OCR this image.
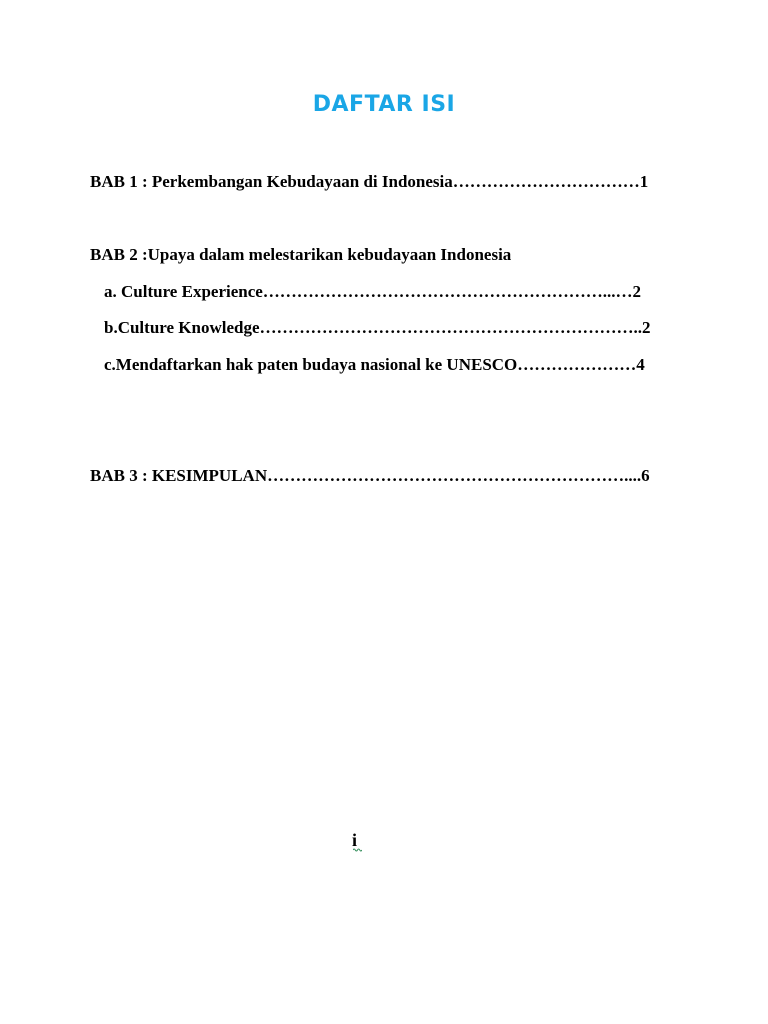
DAFTAR ISI
BAB 1 : Perkembangan Kebudayaan di Indonesia……………………………1
BAB 2 :Upaya dalam melestarikan kebudayaan Indonesia
a. Culture Experience……………………………………………………...…2
b.Culture Knowledge…………………………………………………………..2
c.Mendaftarkan hak paten budaya nasional ke UNESCO…………………4
BAB 3 : KESIMPULAN………………………………………………………....6
i
